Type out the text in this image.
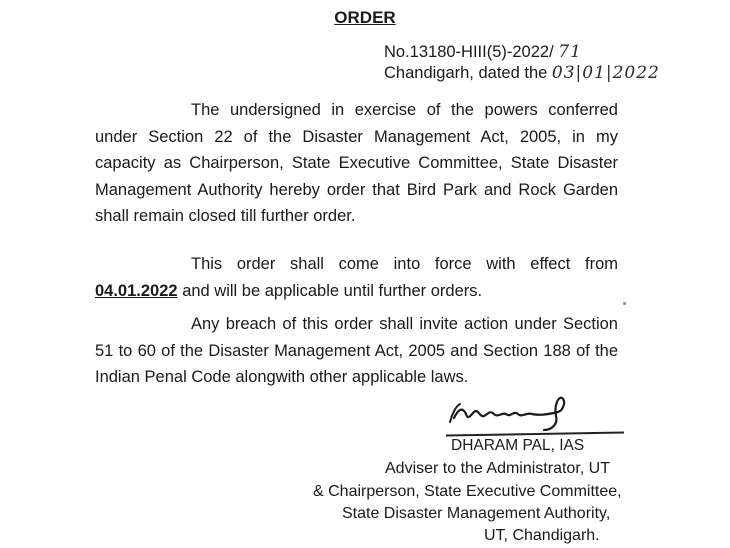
ORDER
No.13180-HIII(5)-2022/ 71
Chandigarh, dated the 03|01|2022
The undersigned in exercise of the powers conferred under Section 22 of the Disaster Management Act, 2005, in my capacity as Chairperson, State Executive Committee, State Disaster Management Authority hereby order that Bird Park and Rock Garden shall remain closed till further order.
This order shall come into force with effect from 04.01.2022 and will be applicable until further orders.
Any breach of this order shall invite action under Section 51 to 60 of the Disaster Management Act, 2005 and Section 188 of the Indian Penal Code alongwith other applicable laws.
DHARAM PAL, IAS
Adviser to the Administrator, UT
& Chairperson, State Executive Committee,
State Disaster Management Authority,
UT, Chandigarh.
